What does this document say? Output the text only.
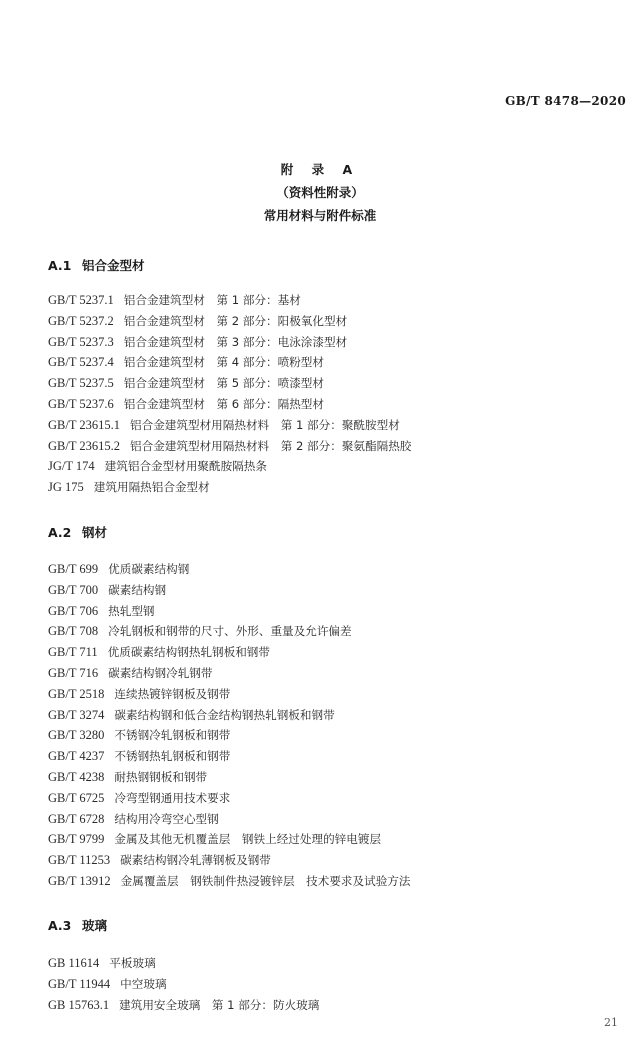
GB/T 8478—2020
附 录 A
（资料性附录）
常用材料与附件标准
A.1 铝合金型材
GB/T 5237.1 铝合金建筑型材　第 1 部分：基材
GB/T 5237.2 铝合金建筑型材　第 2 部分：阳极氧化型材
GB/T 5237.3 铝合金建筑型材　第 3 部分：电泳涂漆型材
GB/T 5237.4 铝合金建筑型材　第 4 部分：喷粉型材
GB/T 5237.5 铝合金建筑型材　第 5 部分：喷漆型材
GB/T 5237.6 铝合金建筑型材　第 6 部分：隔热型材
GB/T 23615.1 铝合金建筑型材用隔热材料　第 1 部分：聚酰胺型材
GB/T 23615.2 铝合金建筑型材用隔热材料　第 2 部分：聚氨酯隔热胶
JG/T 174 建筑铝合金型材用聚酰胺隔热条
JG 175 建筑用隔热铝合金型材
A.2 钢材
GB/T 699 优质碳素结构钢
GB/T 700 碳素结构钢
GB/T 706 热轧型钢
GB/T 708 冷轧钢板和钢带的尺寸、外形、重量及允许偏差
GB/T 711 优质碳素结构钢热轧钢板和钢带
GB/T 716 碳素结构钢冷轧钢带
GB/T 2518 连续热镀锌钢板及钢带
GB/T 3274 碳素结构钢和低合金结构钢热轧钢板和钢带
GB/T 3280 不锈钢冷轧钢板和钢带
GB/T 4237 不锈钢热轧钢板和钢带
GB/T 4238 耐热钢钢板和钢带
GB/T 6725 冷弯型钢通用技术要求
GB/T 6728 结构用冷弯空心型钢
GB/T 9799 金属及其他无机覆盖层　钢铁上经过处理的锌电镀层
GB/T 11253 碳素结构钢冷轧薄钢板及钢带
GB/T 13912 金属覆盖层　钢铁制件热浸镀锌层　技术要求及试验方法
A.3 玻璃
GB 11614 平板玻璃
GB/T 11944 中空玻璃
GB 15763.1 建筑用安全玻璃　第 1 部分：防火玻璃
21
